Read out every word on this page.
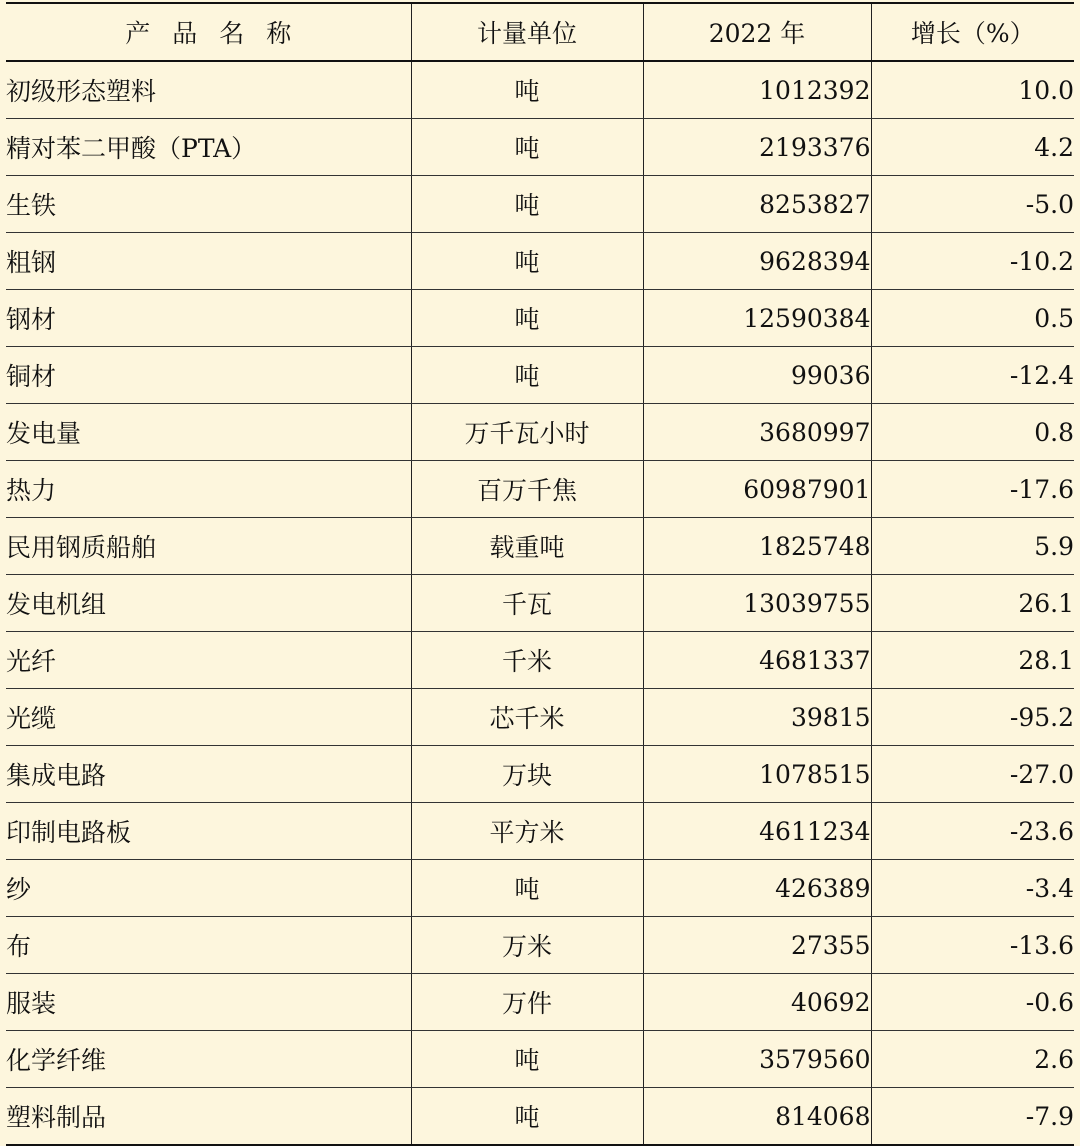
产品名称	计量单位	2022 年	增长（%）
初级形态塑料	吨	1012392	10.0
精对苯二甲酸（PTA）	吨	2193376	4.2
生铁	吨	8253827	-5.0
粗钢	吨	9628394	-10.2
钢材	吨	12590384	0.5
铜材	吨	99036	-12.4
发电量	万千瓦小时	3680997	0.8
热力	百万千焦	60987901	-17.6
民用钢质船舶	载重吨	1825748	5.9
发电机组	千瓦	13039755	26.1
光纤	千米	4681337	28.1
光缆	芯千米	39815	-95.2
集成电路	万块	1078515	-27.0
印制电路板	平方米	4611234	-23.6
纱	吨	426389	-3.4
布	万米	27355	-13.6
服装	万件	40692	-0.6
化学纤维	吨	3579560	2.6
塑料制品	吨	814068	-7.9
